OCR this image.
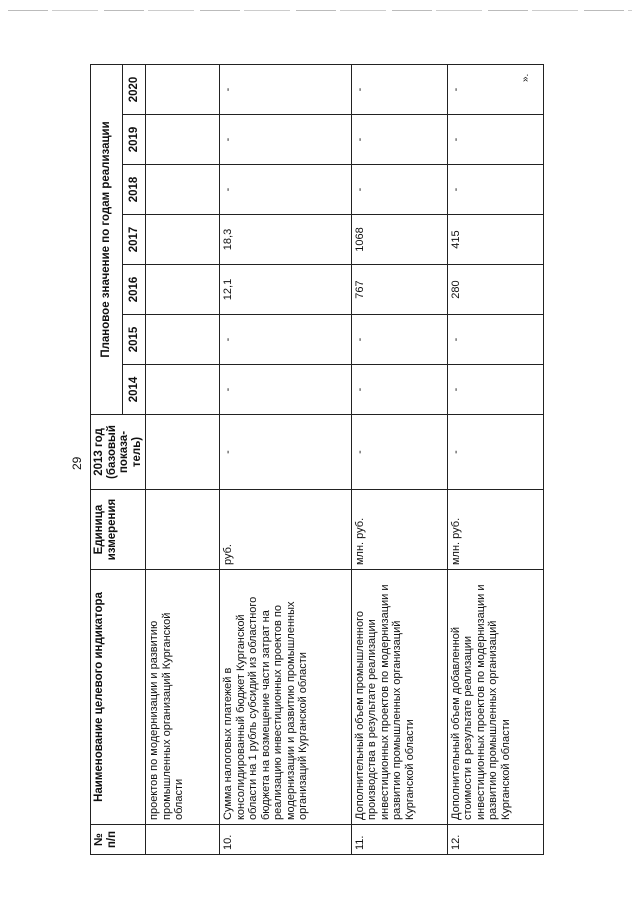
29
».
№ п/п	Наименование целевого индикатора	Единица измерения	2013 год (базовый показа-тель)	Плановое значение по годам реализации						
				2014	2015	2016	2017	2018	2019	2020
	проектов по модернизации и развитию промышленных организаций Курганской области									
10.	Сумма налоговых платежей в консолидированный бюджет Курганской области на 1 рубль субсидий из областного бюджета на возмещение части затрат на реализацию инвестиционных проектов по модернизации и развитию промышленных организаций Курганской области	руб.	-	-	-	12,1	18,3	-	-	-
11.	Дополнительный объем промышленного производства в результате реализации инвестиционных проектов по модернизации и развитию промышленных организаций Курганской области	млн. руб.	-	-	-	767	1068	-	-	-
12.	Дополнительный объем добавленной стоимости в результате реализации инвестиционных проектов по модернизации и развитию промышленных организаций Курганской области	млн. руб.	-	-	-	280	415	-	-	-
